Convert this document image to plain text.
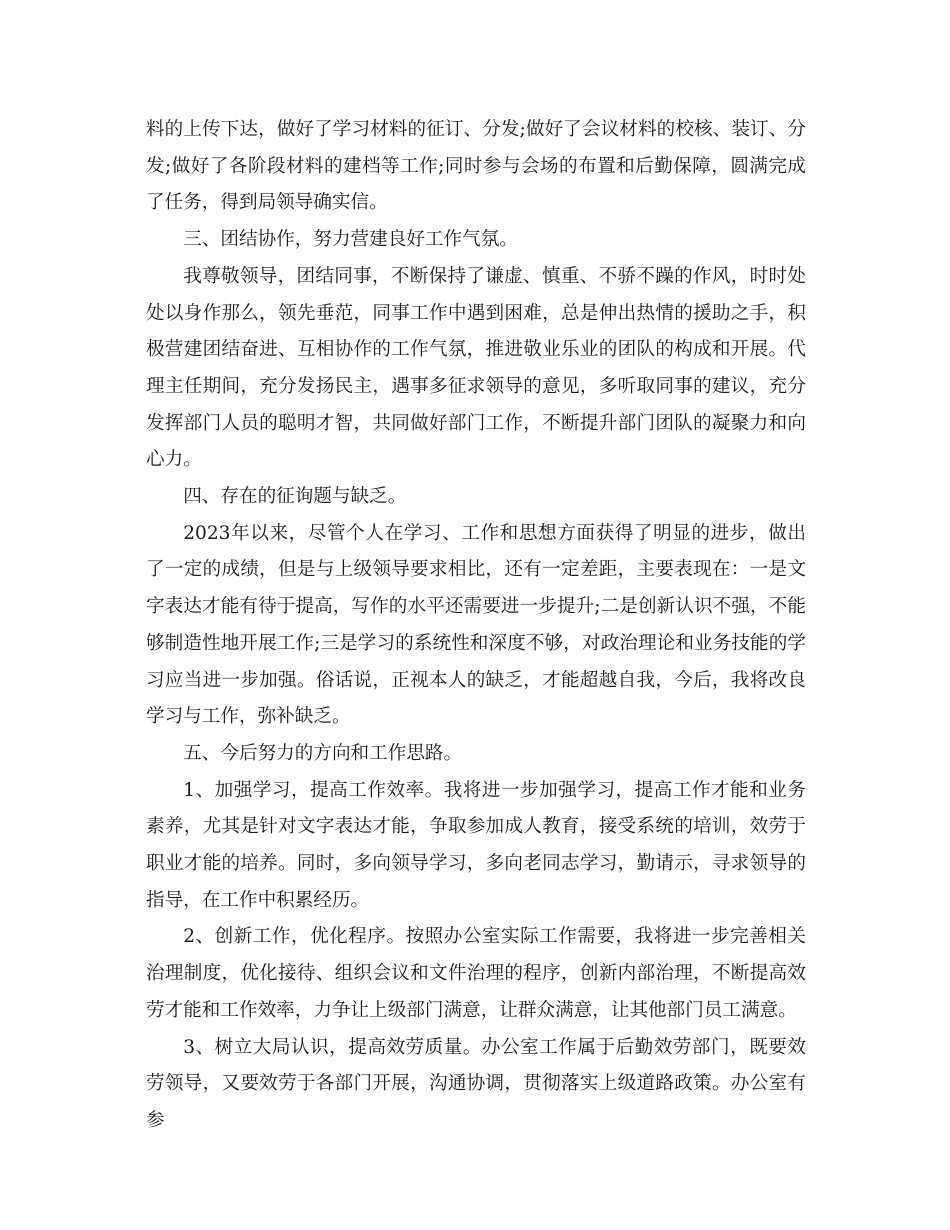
料的上传下达，做好了学习材料的征订、分发;做好了会议材料的校核、装订、分发;做好了各阶段材料的建档等工作;同时参与会场的布置和后勤保障，圆满完成了任务，得到局领导确实信。

三、团结协作，努力营建良好工作气氛。

我尊敬领导，团结同事，不断保持了谦虚、慎重、不骄不躁的作风，时时处处以身作那么，领先垂范，同事工作中遇到困难，总是伸出热情的援助之手，积极营建团结奋进、互相协作的工作气氛，推进敬业乐业的团队的构成和开展。代理主任期间，充分发扬民主，遇事多征求领导的意见，多听取同事的建议，充分发挥部门人员的聪明才智，共同做好部门工作，不断提升部门团队的凝聚力和向心力。

四、存在的征询题与缺乏。

2023年以来，尽管个人在学习、工作和思想方面获得了明显的进步，做出了一定的成绩，但是与上级领导要求相比，还有一定差距，主要表现在：一是文字表达才能有待于提高，写作的水平还需要进一步提升;二是创新认识不强，不能够制造性地开展工作;三是学习的系统性和深度不够，对政治理论和业务技能的学习应当进一步加强。俗话说，正视本人的缺乏，才能超越自我，今后，我将改良学习与工作，弥补缺乏。

五、今后努力的方向和工作思路。

1、加强学习，提高工作效率。我将进一步加强学习，提高工作才能和业务素养，尤其是针对文字表达才能，争取参加成人教育，接受系统的培训，效劳于职业才能的培养。同时，多向领导学习，多向老同志学习，勤请示，寻求领导的指导，在工作中积累经历。

2、创新工作，优化程序。按照办公室实际工作需要，我将进一步完善相关治理制度，优化接待、组织会议和文件治理的程序，创新内部治理，不断提高效劳才能和工作效率，力争让上级部门满意，让群众满意，让其他部门员工满意。

3、树立大局认识，提高效劳质量。办公室工作属于后勤效劳部门，既要效劳领导，又要效劳于各部门开展，沟通协调，贯彻落实上级道路政策。办公室有参
